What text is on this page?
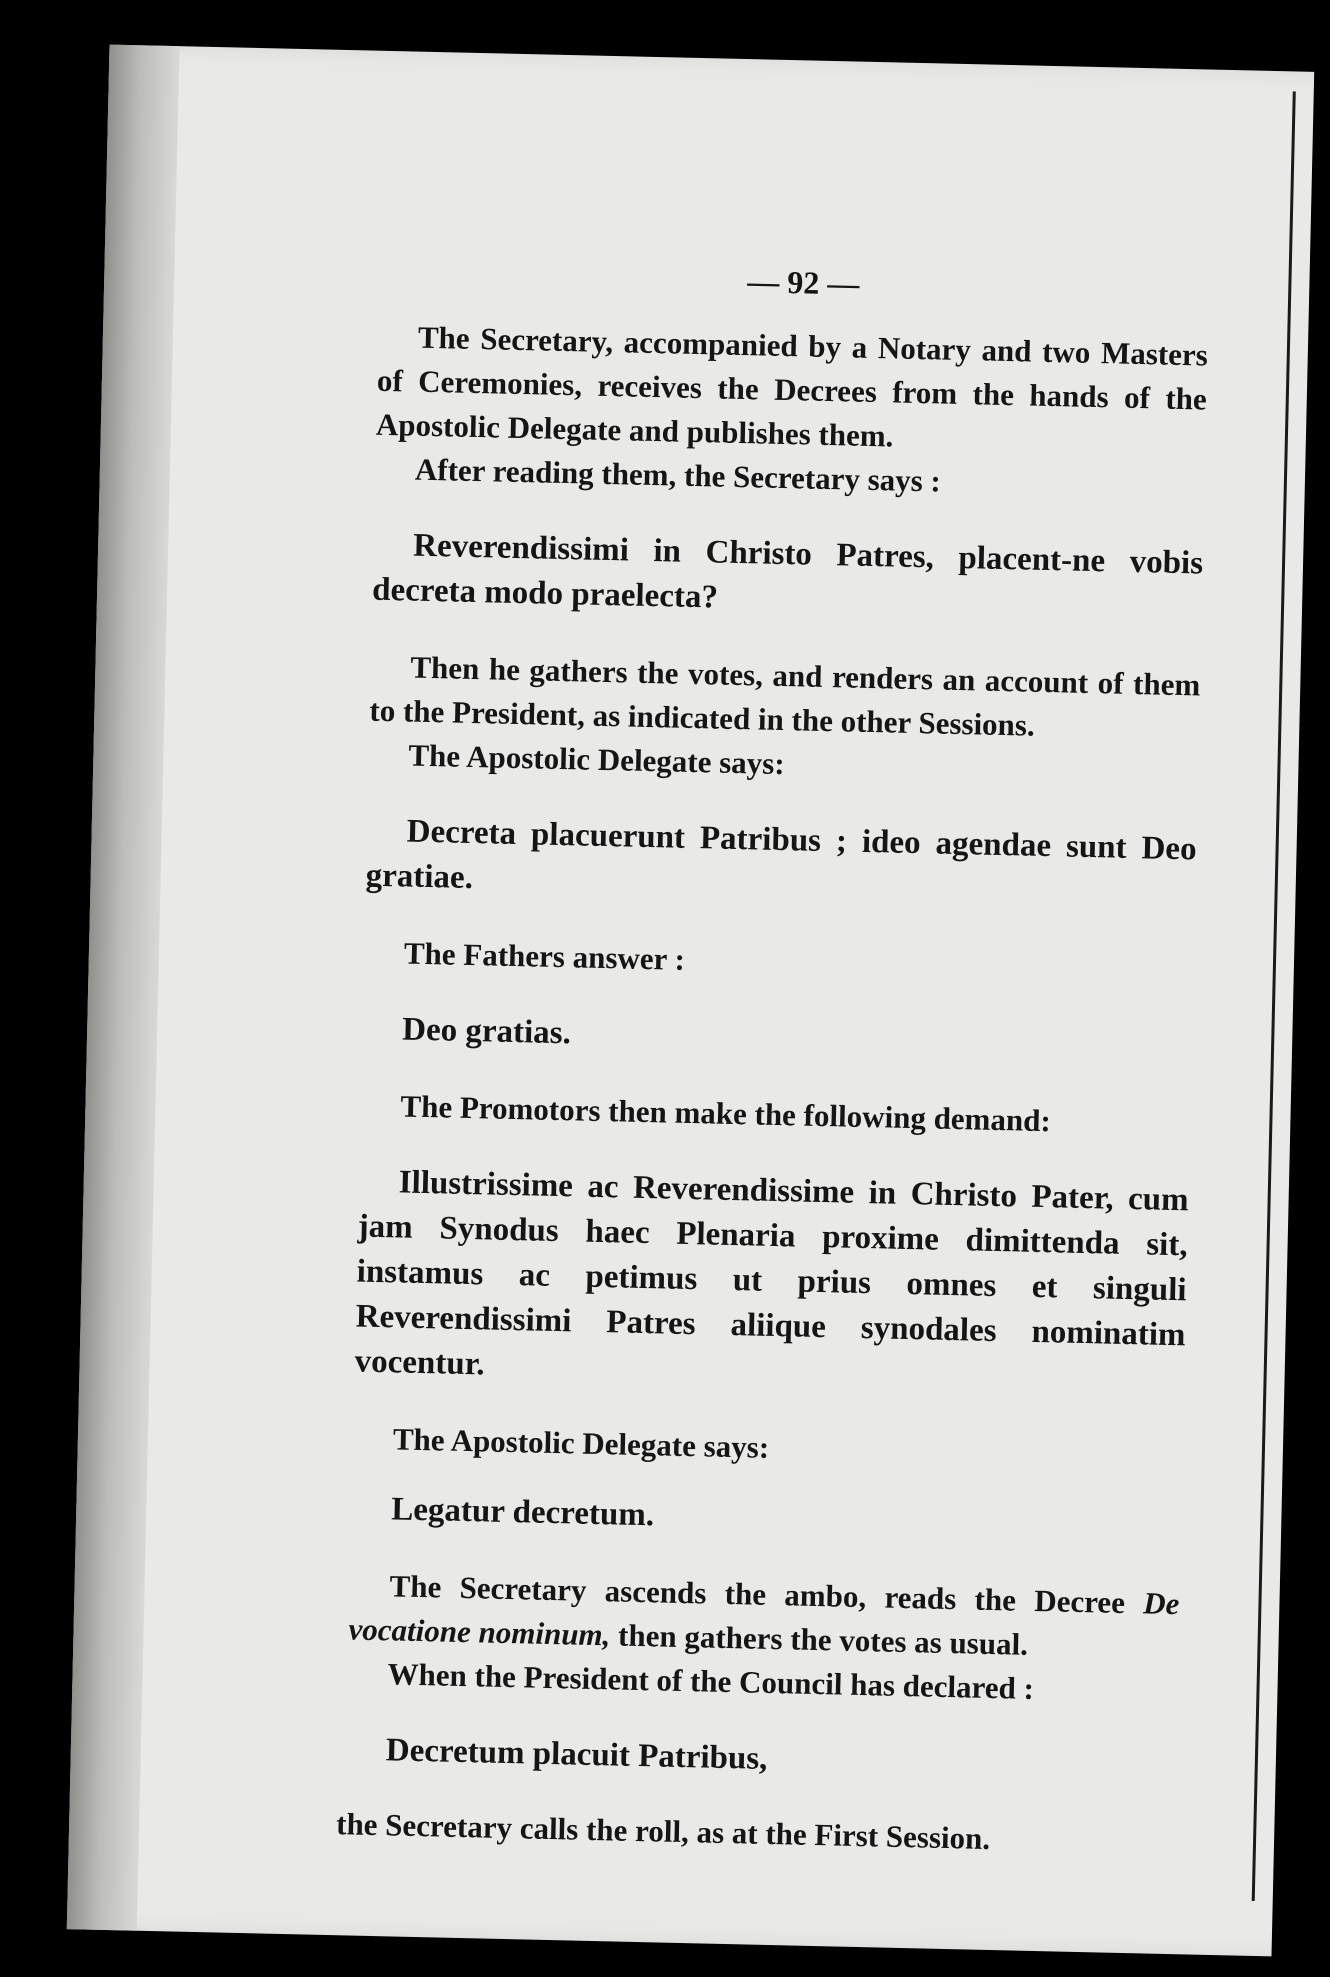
— 92 —

The Secretary, accompanied by a Notary and two Masters of Ceremonies, receives the Decrees from the hands of the Apostolic Delegate and publishes them.

After reading them, the Secretary says :

Reverendissimi in Christo Patres, placent-ne vobis decreta modo praelecta?

Then he gathers the votes, and renders an account of them to the President, as indicated in the other Sessions.

The Apostolic Delegate says:

Decreta placuerunt Patribus ; ideo agendae sunt Deo gratiae.

The Fathers answer :

Deo gratias.

The Promotors then make the following demand:

Illustrissime ac Reverendissime in Christo Pater, cum jam Synodus haec Plenaria proxime dimittenda sit, instamus ac petimus ut prius omnes et singuli Reverendissimi Patres aliique synodales nominatim vocentur.

The Apostolic Delegate says:

Legatur decretum.

The Secretary ascends the ambo, reads the Decree De vocatione nominum, then gathers the votes as usual.

When the President of the Council has declared :

Decretum placuit Patribus,

the Secretary calls the roll, as at the First Session.
